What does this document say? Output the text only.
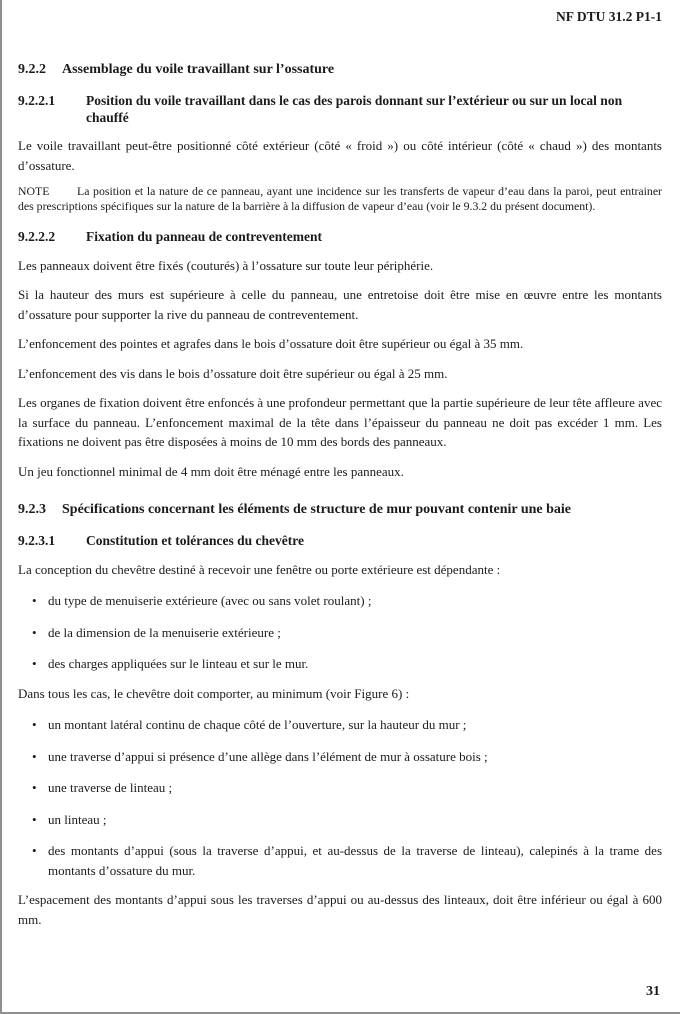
NF DTU 31.2 P1-1
9.2.2	Assemblage du voile travaillant sur l’ossature
9.2.2.1	Position du voile travaillant dans le cas des parois donnant sur l’extérieur ou sur un local non chauffé

Le voile travaillant peut-être positionné côté extérieur (côté « froid ») ou côté intérieur (côté « chaud ») des montants d’ossature.

NOTE La position et la nature de ce panneau, ayant une incidence sur les transferts de vapeur d’eau dans la paroi, peut entrainer des prescriptions spécifiques sur la nature de la barrière à la diffusion de vapeur d’eau (voir le 9.3.2 du présent document).

9.2.2.2	Fixation du panneau de contreventement

Les panneaux doivent être fixés (couturés) à l’ossature sur toute leur périphérie.

Si la hauteur des murs est supérieure à celle du panneau, une entretoise doit être mise en œuvre entre les montants d’ossature pour supporter la rive du panneau de contreventement.

L’enfoncement des pointes et agrafes dans le bois d’ossature doit être supérieur ou égal à 35 mm.

L’enfoncement des vis dans le bois d’ossature doit être supérieur ou égal à 25 mm.

Les organes de fixation doivent être enfoncés à une profondeur permettant que la partie supérieure de leur tête affleure avec la surface du panneau. L’enfoncement maximal de la tête dans l’épaisseur du panneau ne doit pas excéder 1 mm. Les fixations ne doivent pas être disposées à moins de 10 mm des bords des panneaux.

Un jeu fonctionnel minimal de 4 mm doit être ménagé entre les panneaux.

9.2.3	Spécifications concernant les éléments de structure de mur pouvant contenir une baie
9.2.3.1	Constitution et tolérances du chevêtre

La conception du chevêtre destiné à recevoir une fenêtre ou porte extérieure est dépendante :

• du type de menuiserie extérieure (avec ou sans volet roulant) ;
• de la dimension de la menuiserie extérieure ;
• des charges appliquées sur le linteau et sur le mur.

Dans tous les cas, le chevêtre doit comporter, au minimum (voir Figure 6) :

• un montant latéral continu de chaque côté de l’ouverture, sur la hauteur du mur ;
• une traverse d’appui si présence d’une allège dans l’élément de mur à ossature bois ;
• une traverse de linteau ;
• un linteau ;
• des montants d’appui (sous la traverse d’appui, et au-dessus de la traverse de linteau), calepinés à la trame des montants d’ossature du mur.

L’espacement des montants d’appui sous les traverses d’appui ou au-dessus des linteaux, doit être inférieur ou égal à 600 mm.

31
